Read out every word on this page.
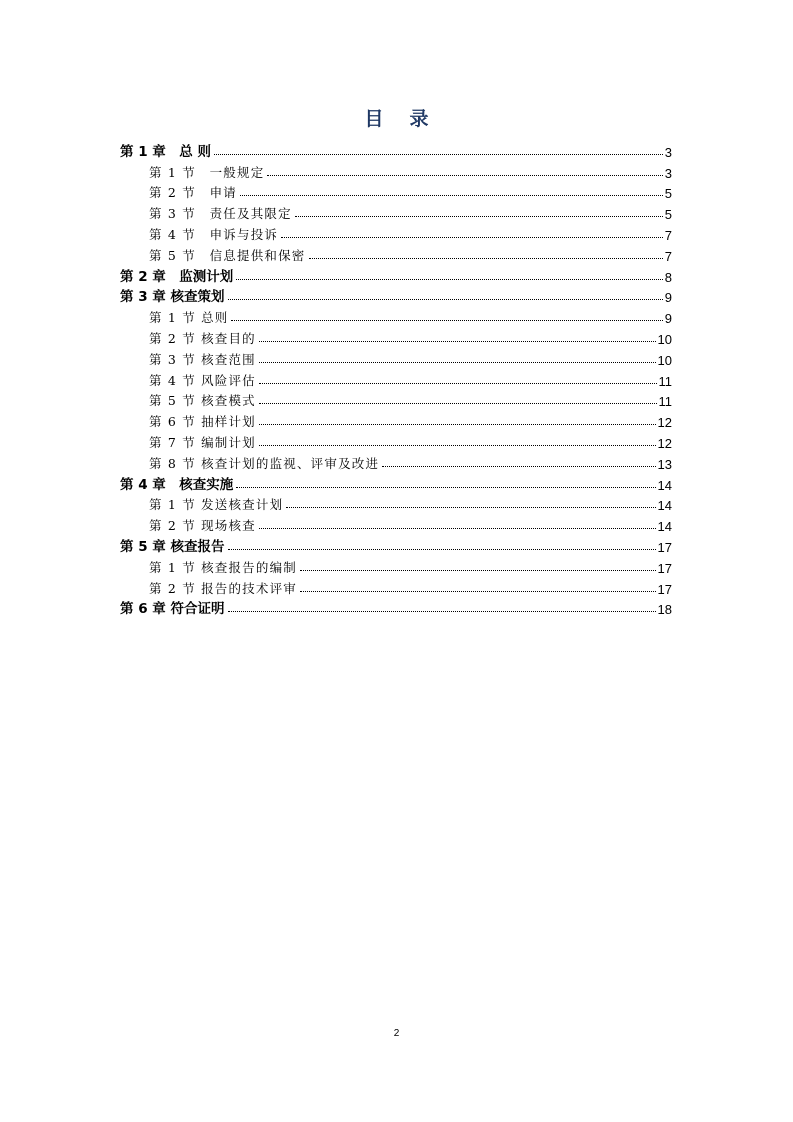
目 录
第 1 章　总 则	3
第 1 节　一般规定	3
第 2 节　申请	5
第 3 节　责任及其限定	5
第 4 节　申诉与投诉	7
第 5 节　信息提供和保密	7
第 2 章　监测计划	8
第 3 章 核查策划	9
第 1 节 总则	9
第 2 节 核查目的	10
第 3 节 核查范围	10
第 4 节 风险评估	11
第 5 节 核查模式	11
第 6 节 抽样计划	12
第 7 节 编制计划	12
第 8 节 核查计划的监视、评审及改进	13
第 4 章　核查实施	14
第 1 节 发送核查计划	14
第 2 节 现场核查	14
第 5 章 核查报告	17
第 1 节 核查报告的编制	17
第 2 节 报告的技术评审	17
第 6 章 符合证明	18
2
